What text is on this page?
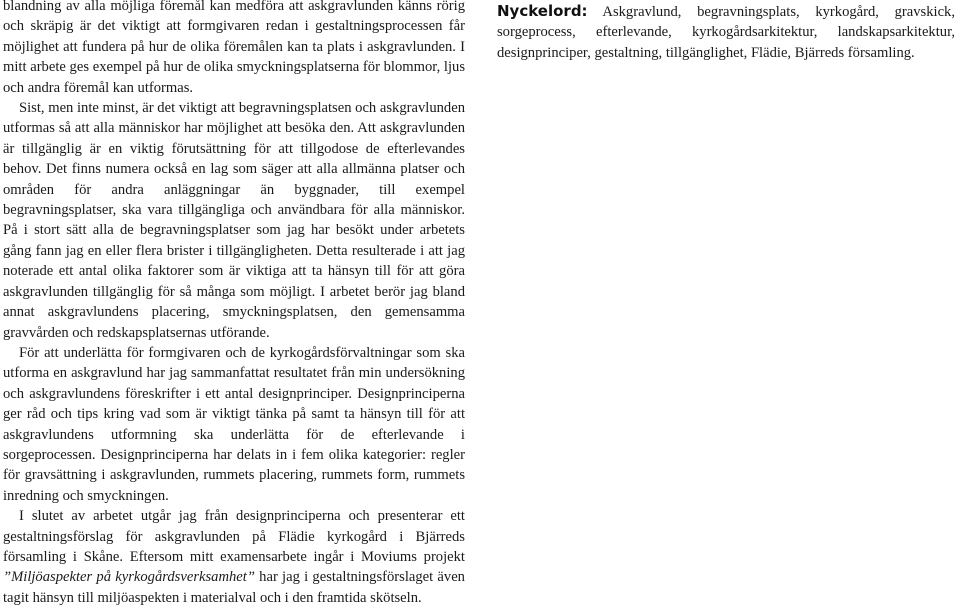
blandning av alla möjliga föremål kan medföra att askgravlunden känns rörig och skräpig är det viktigt att formgivaren redan i gestaltningsprocessen får möjlighet att fundera på hur de olika föremålen kan ta plats i askgravlunden. I mitt arbete ges exempel på hur de olika smyckningsplatserna för blommor, ljus och andra föremål kan utformas.

Sist, men inte minst, är det viktigt att begravningsplatsen och askgravlunden utformas så att alla människor har möjlighet att besöka den. Att askgravlunden är tillgänglig är en viktig förutsättning för att tillgodose de efterlevandes behov. Det finns numera också en lag som säger att alla allmänna platser och områden för andra anläggningar än byggnader, till exempel begravningsplatser, ska vara tillgängliga och användbara för alla människor. På i stort sätt alla de begravningsplatser som jag har besökt under arbetets gång fann jag en eller flera brister i tillgängligheten. Detta resulterade i att jag noterade ett antal olika faktorer som är viktiga att ta hänsyn till för att göra askgravlunden tillgänglig för så många som möjligt. I arbetet berör jag bland annat askgravlundens placering, smyckningsplatsen, den gemensamma gravvården och redskapsplatsernas utförande.

För att underlätta för formgivaren och de kyrkogårdsförvaltningar som ska utforma en askgravlund har jag sammanfattat resultatet från min undersökning och askgravlundens föreskrifter i ett antal designprinciper. Designprinciperna ger råd och tips kring vad som är viktigt tänka på samt ta hänsyn till för att askgravlundens utformning ska underlätta för de efterlevande i sorgeprocessen. Designprinciperna har delats in i fem olika kategorier: regler för gravsättning i askgravlunden, rummets placering, rummets form, rummets inredning och smyckningen.

I slutet av arbetet utgår jag från designprinciperna och presenterar ett gestaltningsförslag för askgravlunden på Flädie kyrkogård i Bjärreds församling i Skåne. Eftersom mitt examensarbete ingår i Moviums projekt ”Miljöaspekter på kyrkogårdsverksamhet” har jag i gestaltningsförslaget även tagit hänsyn till miljöaspekten i materialval och i den framtida skötseln.

Nyckelord: Askgravlund, begravningsplats, kyrkogård, gravskick, sorgeprocess, efterlevande, kyrkogårdsarkitektur, landskapsarkitektur, designprinciper, gestaltning, tillgänglighet, Flädie, Bjärreds församling.
